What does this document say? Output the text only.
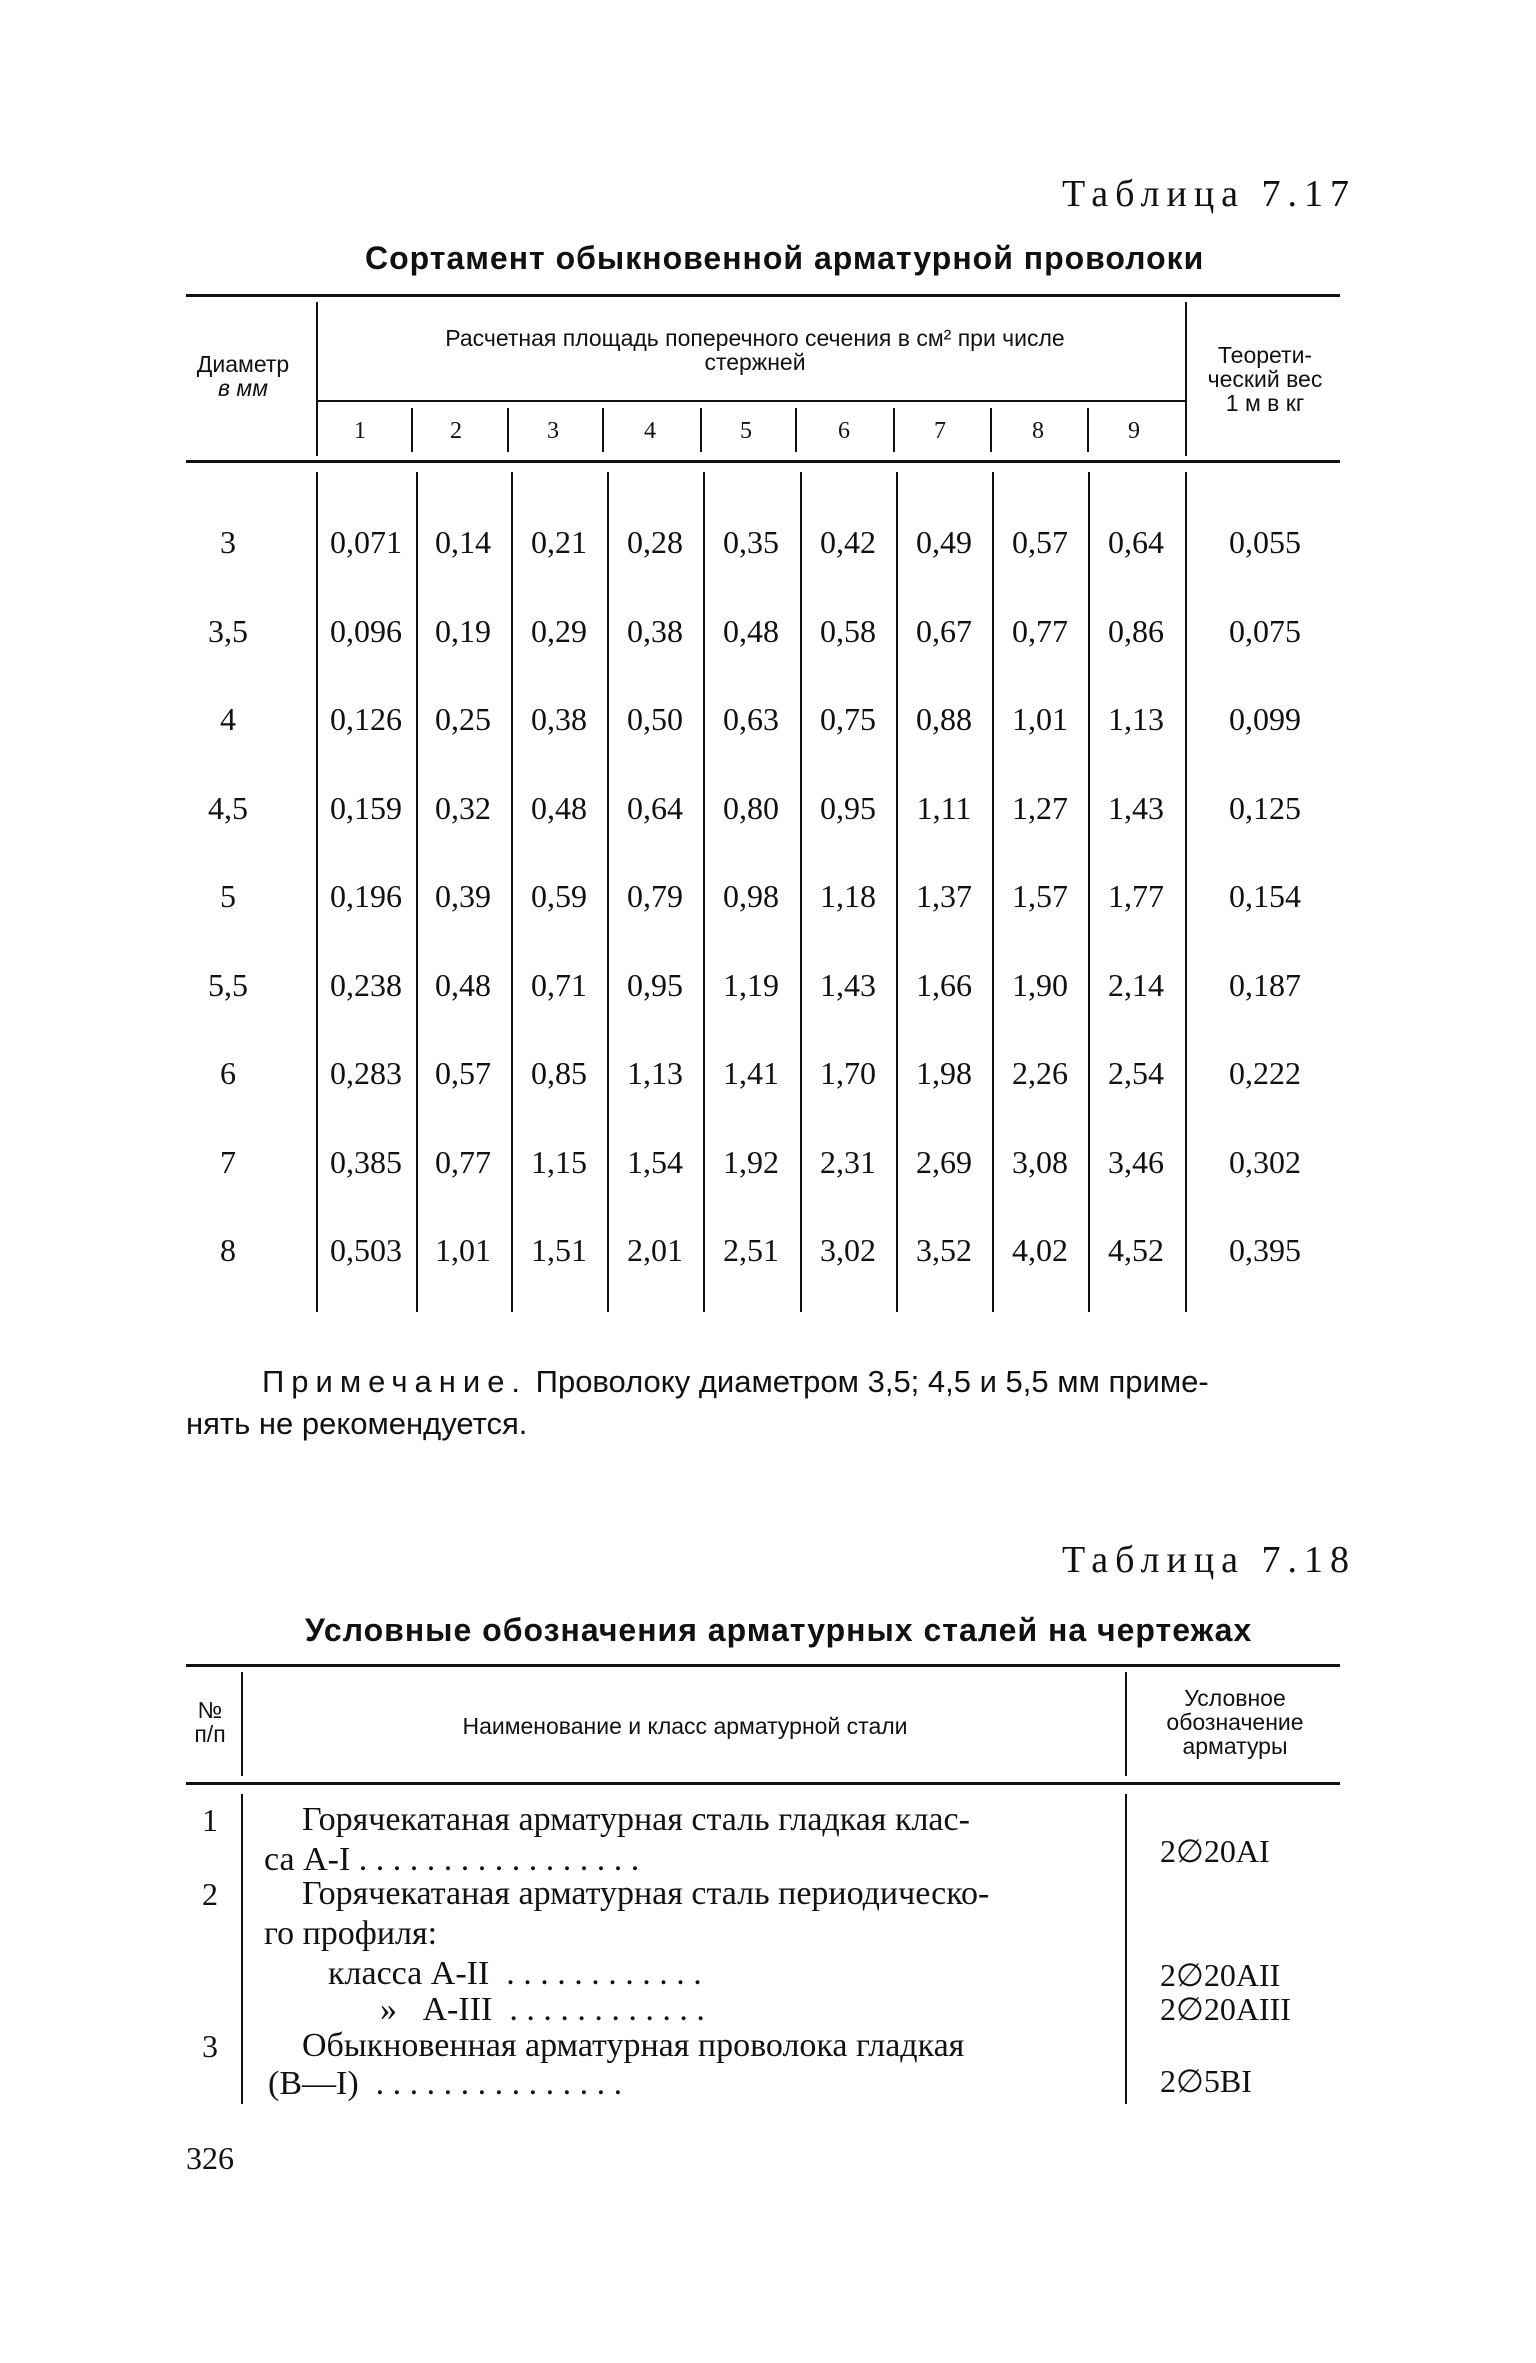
Таблица 7.17
Сортамент обыкновенной арматурной проволоки
Диаметр
в мм
Расчетная площадь поперечного сечения в см² при числе
стержней	Теорети-
ческий вес
1 м в кг
1	2	3	4	5	6	7	8	9
3	0,071	0,14	0,21	0,28	0,35	0,42	0,49	0,57	0,64	0,055
3,5	0,096	0,19	0,29	0,38	0,48	0,58	0,67	0,77	0,86	0,075
4	0,126	0,25	0,38	0,50	0,63	0,75	0,88	1,01	1,13	0,099
4,5	0,159	0,32	0,48	0,64	0,80	0,95	1,11	1,27	1,43	0,125
5	0,196	0,39	0,59	0,79	0,98	1,18	1,37	1,57	1,77	0,154
5,5	0,238	0,48	0,71	0,95	1,19	1,43	1,66	1,90	2,14	0,187
6	0,283	0,57	0,85	1,13	1,41	1,70	1,98	2,26	2,54	0,222
7	0,385	0,77	1,15	1,54	1,92	2,31	2,69	3,08	3,46	0,302
8	0,503	1,01	1,51	2,01	2,51	3,02	3,52	4,02	4,52	0,395
Примечание. Проволоку диаметром 3,5; 4,5 и 5,5 мм приме-
нять не рекомендуется.
Таблица 7.18
Условные обозначения арматурных сталей на чертежах
№
п/п	Наименование и класс арматурной стали
Условное
обозначение
арматуры
1 Горячекатаная арматурная сталь гладкая клас-
са А-I . . . . . . . . . . . . . . . . .	2∅20AI
2 Горячекатаная арматурная сталь периодическо-
го профиля:
класса А-II  . . . . . . . . . . . .	2∅20AII
»   А-III  . . . . . . . . . . . .	2∅20AIII
3 Обыкновенная арматурная проволока гладкая
(В—I)  . . . . . . . . . . . . . . .	2∅5BI
326
